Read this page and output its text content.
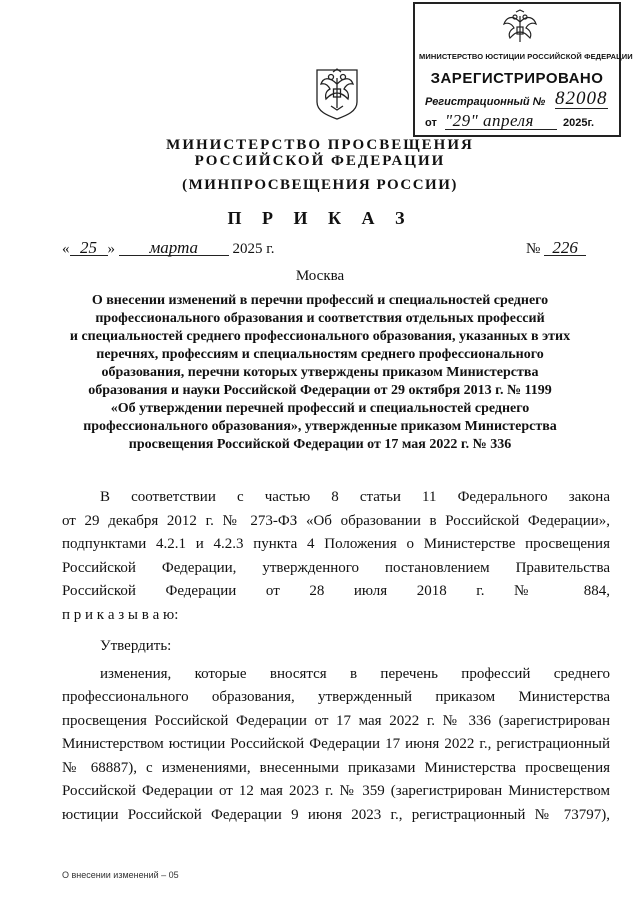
МИНИСТЕРСТВО ЮСТИЦИИ РОССИЙСКОЙ ФЕДЕРАЦИИ
ЗАРЕГИСТРИРОВАНО
Регистрационный № 82008
от "29" апреля	2025г.
МИНИСТЕРСТВО ПРОСВЕЩЕНИЯ
РОССИЙСКОЙ ФЕДЕРАЦИИ
(МИНПРОСВЕЩЕНИЯ РОССИИ)
П Р И К А З
« 25 » марта 2025 г.	№ 226
Москва
О внесении изменений в перечни профессий и специальностей среднего
профессионального образования и соответствия отдельных профессий
и специальностей среднего профессионального образования, указанных в этих
перечнях, профессиям и специальностям среднего профессионального
образования, перечни которых утверждены приказом Министерства
образования и науки Российской Федерации от 29 октября 2013 г. № 1199
«Об утверждении перечней профессий и специальностей среднего
профессионального образования», утвержденные приказом Министерства
просвещения Российской Федерации от 17 мая 2022 г. № 336
В соответствии с частью 8 статьи 11 Федерального закона
от 29 декабря 2012 г. № 273-ФЗ «Об образовании в Российской Федерации»,
подпунктами 4.2.1 и 4.2.3 пункта 4 Положения о Министерстве просвещения
Российской Федерации, утвержденного постановлением Правительства
Российской Федерации от 28 июля 2018 г. № 884,
п р и к а з ы в а ю:
Утвердить:
изменения, которые вносятся в перечень профессий среднего
профессионального образования, утвержденный приказом Министерства
просвещения Российской Федерации от 17 мая 2022 г. № 336 (зарегистрирован
Министерством юстиции Российской Федерации 17 июня 2022 г., регистрационный
№ 68887), с изменениями, внесенными приказами Министерства просвещения
Российской Федерации от 12 мая 2023 г. № 359 (зарегистрирован Министерством
юстиции Российской Федерации 9 июня 2023 г., регистрационный № 73797),
О внесении изменений – 05
